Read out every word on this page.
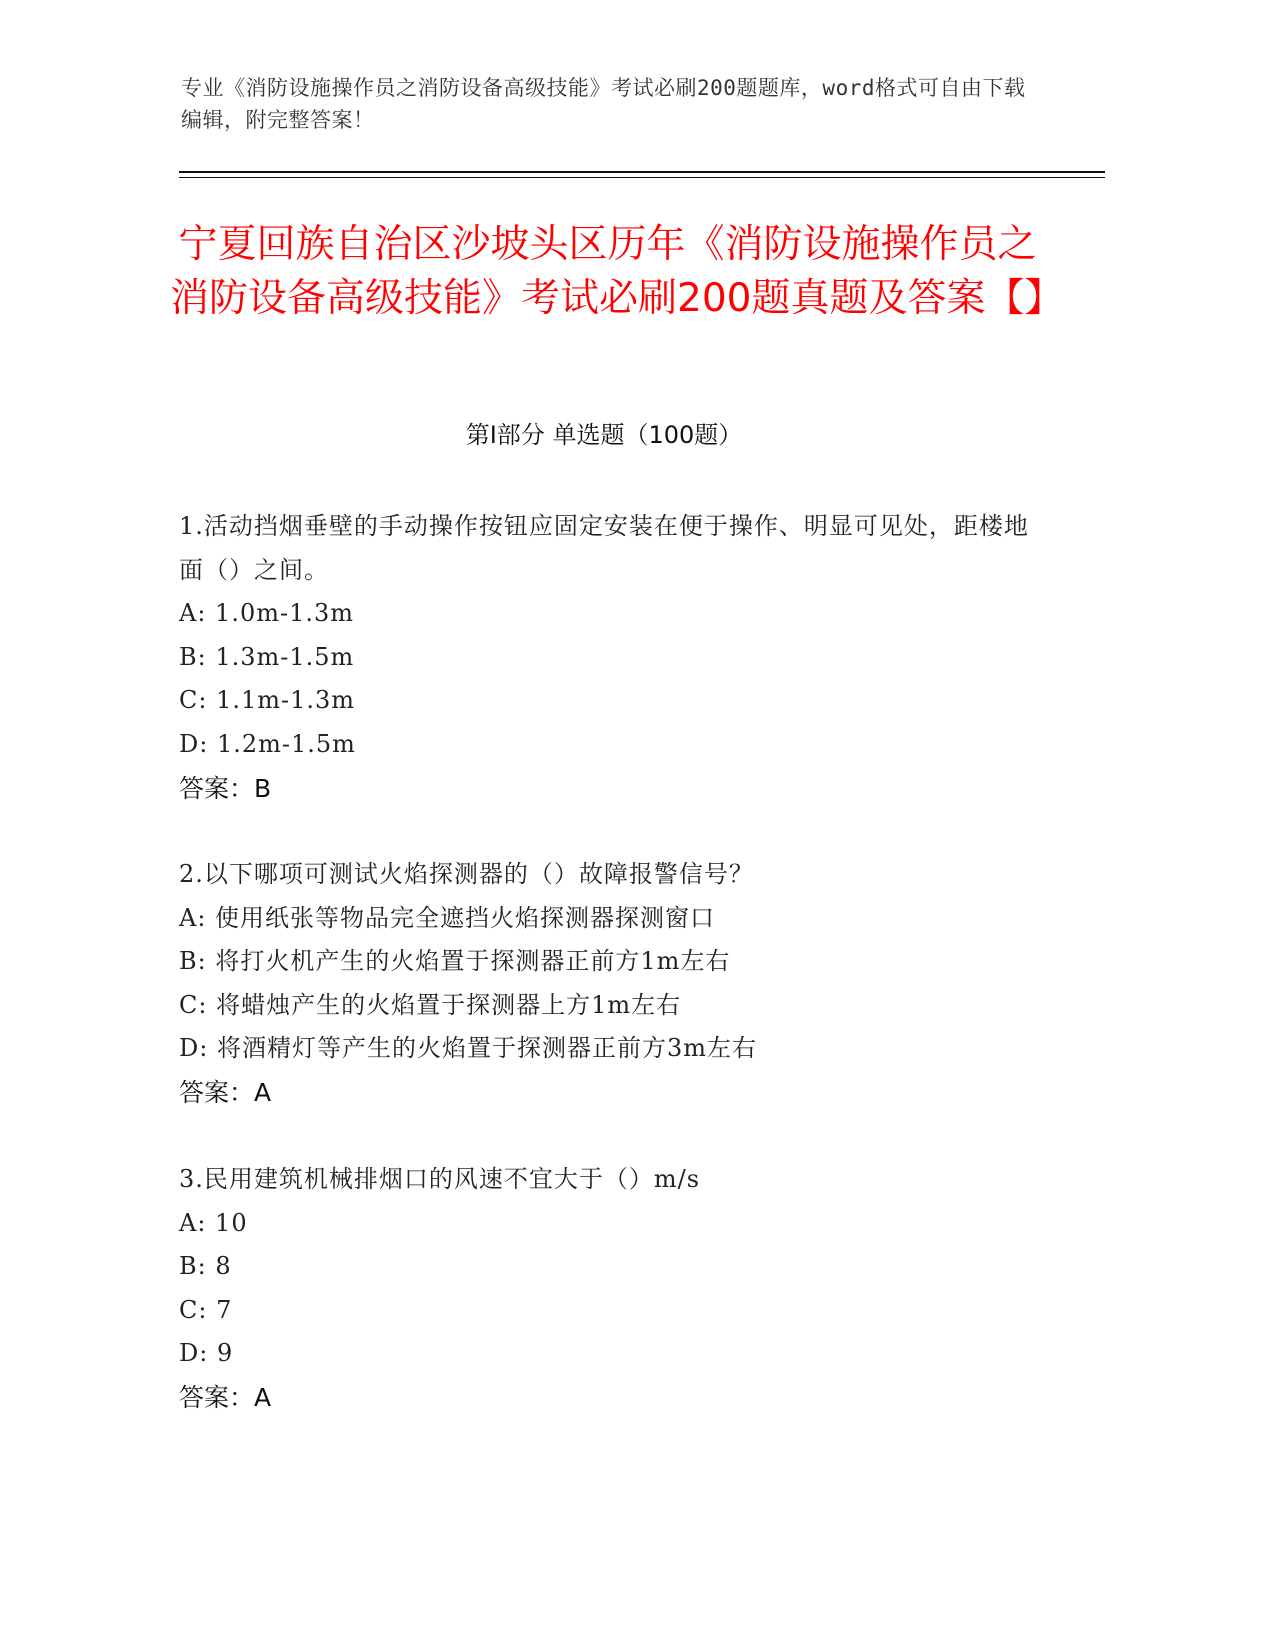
专业《消防设施操作员之消防设备高级技能》考试必刷200题题库，word格式可自由下载编辑，附完整答案！
宁夏回族自治区沙坡头区历年《消防设施操作员之消防设备高级技能》考试必刷200题真题及答案【】
第I部分 单选题（100题）
1.活动挡烟垂壁的手动操作按钮应固定安装在便于操作、明显可见处，距楼地面（）之间。
A: 1.0m-1.3m
B: 1.3m-1.5m
C: 1.1m-1.3m
D: 1.2m-1.5m
答案：B
2.以下哪项可测试火焰探测器的（）故障报警信号？
A: 使用纸张等物品完全遮挡火焰探测器探测窗口
B: 将打火机产生的火焰置于探测器正前方1m左右
C: 将蜡烛产生的火焰置于探测器上方1m左右
D: 将酒精灯等产生的火焰置于探测器正前方3m左右
答案：A
3.民用建筑机械排烟口的风速不宜大于（）m/s
A: 10
B: 8
C: 7
D: 9
答案：A
